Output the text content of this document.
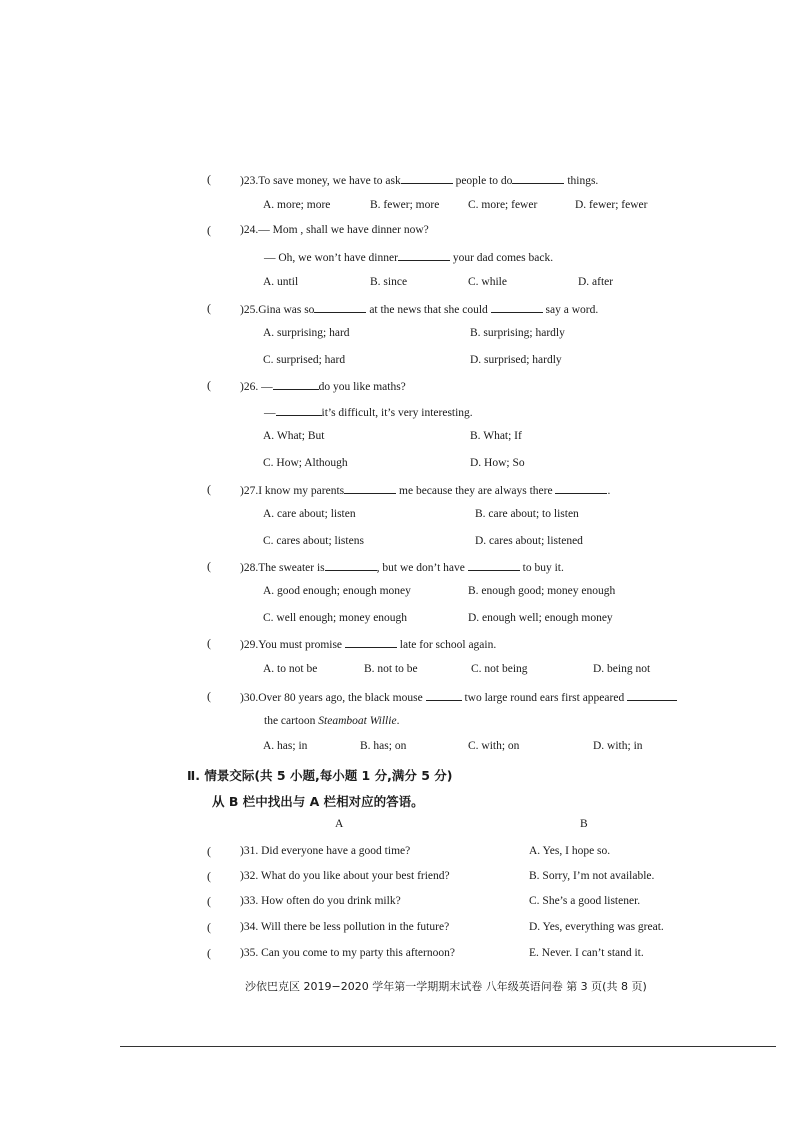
(	)23.To save money, we have to ask	people to do	things.
A. more; more	B. fewer; more C. more; fewer	D. fewer; fewer
(	)24.— Mom , shall we have dinner now?
— Oh, we won’t have dinner	your dad comes back.
A. until	B. since	C. while	D. after
(	)25.Gina was so	at the news that she could	say a word.
A. surprising; hard	B. surprising; hardly
C. surprised; hard	D. surprised; hardly
(	)26. —	do you like maths?
—	it’s difficult, it’s very interesting.
A. What; But	B. What; If
C. How; Although	D. How; So
(	)27.I know my parents	me because they are always there	.
A. care about; listen	B. care about; to listen
C. cares about; listens	D. cares about; listened
(	)28.The sweater is	, but we don’t have	to buy it.
A. good enough; enough money	B. enough good; money enough
C. well enough; money enough	D. enough well; enough money
(	)29.You must promise	late for school again.
A. to not be	B. not to be	C. not being	D. being not
(	)30.Over 80 years ago, the black mouse	two large round ears first appeared
the cartoon Steamboat Willie.
A. has; in	B. has; on	C. with; on	D. with; in
Ⅱ. 情景交际(共 5 小题,每小题 1 分,满分 5 分)
从 B 栏中找出与 A 栏相对应的答语。
A	B
(	)31. Did everyone have a good time?	A. Yes, I hope so.
(	)32. What do you like about your best friend?	B. Sorry, I’m not available.
(	)33. How often do you drink milk?	C. She’s a good listener.
(	)34. Will there be less pollution in the future?	D. Yes, everything was great.
(	)35. Can you come to my party this afternoon?	E. Never. I can’t stand it.
沙依巴克区 2019−2020 学年第一学期期末试卷 八年级英语问卷 第 3 页(共 8 页)
